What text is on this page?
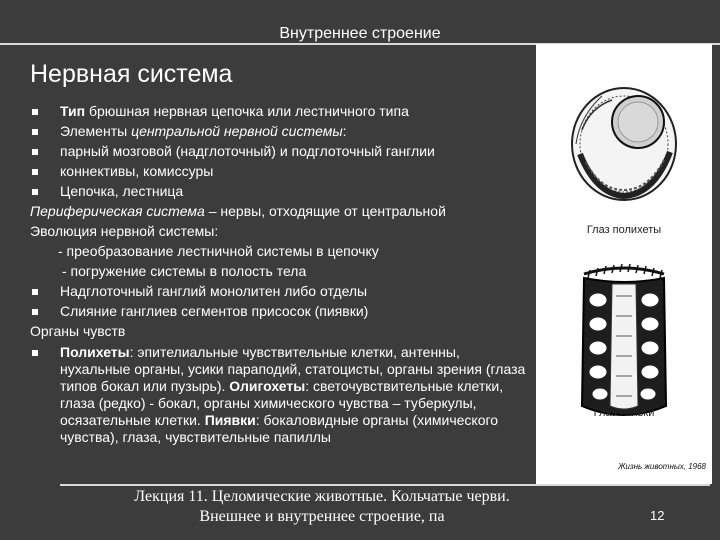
Внутреннее строение
Нервная система
Тип брюшная нервная цепочка или лестничного типа
Элементы центральной нервной системы:
парный мозговой (надглоточный) и подглоточный ганглии
коннективы, комиссуры
Цепочка, лестница
Периферическая система – нервы, отходящие от центральной
Эволюция нервной системы:
- преобразование лестничной системы в цепочку
- погружение системы в полость тела
Надглоточный ганглий монолитен либо отделы
Слияние ганглиев сегментов присосок (пиявки)
Органы чувств
Полихеты: эпителиальные чувствительные клетки, антенны, нухальные органы, усики параподий, статоцисты, органы зрения (глаза типов бокал или пузырь). Олигохеты: светочувствительные клетки, глаза (редко) - бокал, органы химического чувства – туберкулы, осязательные клетки. Пиявки: бокаловидные органы (химического чувства), глаза, чувствительные папиллы
Глаз полихеты
Глаз пиявки
Жизнь животных, 1968
Лекция 11. Целомические животные. Кольчатые черви.
Внешнее и внутреннее строение, па	12
